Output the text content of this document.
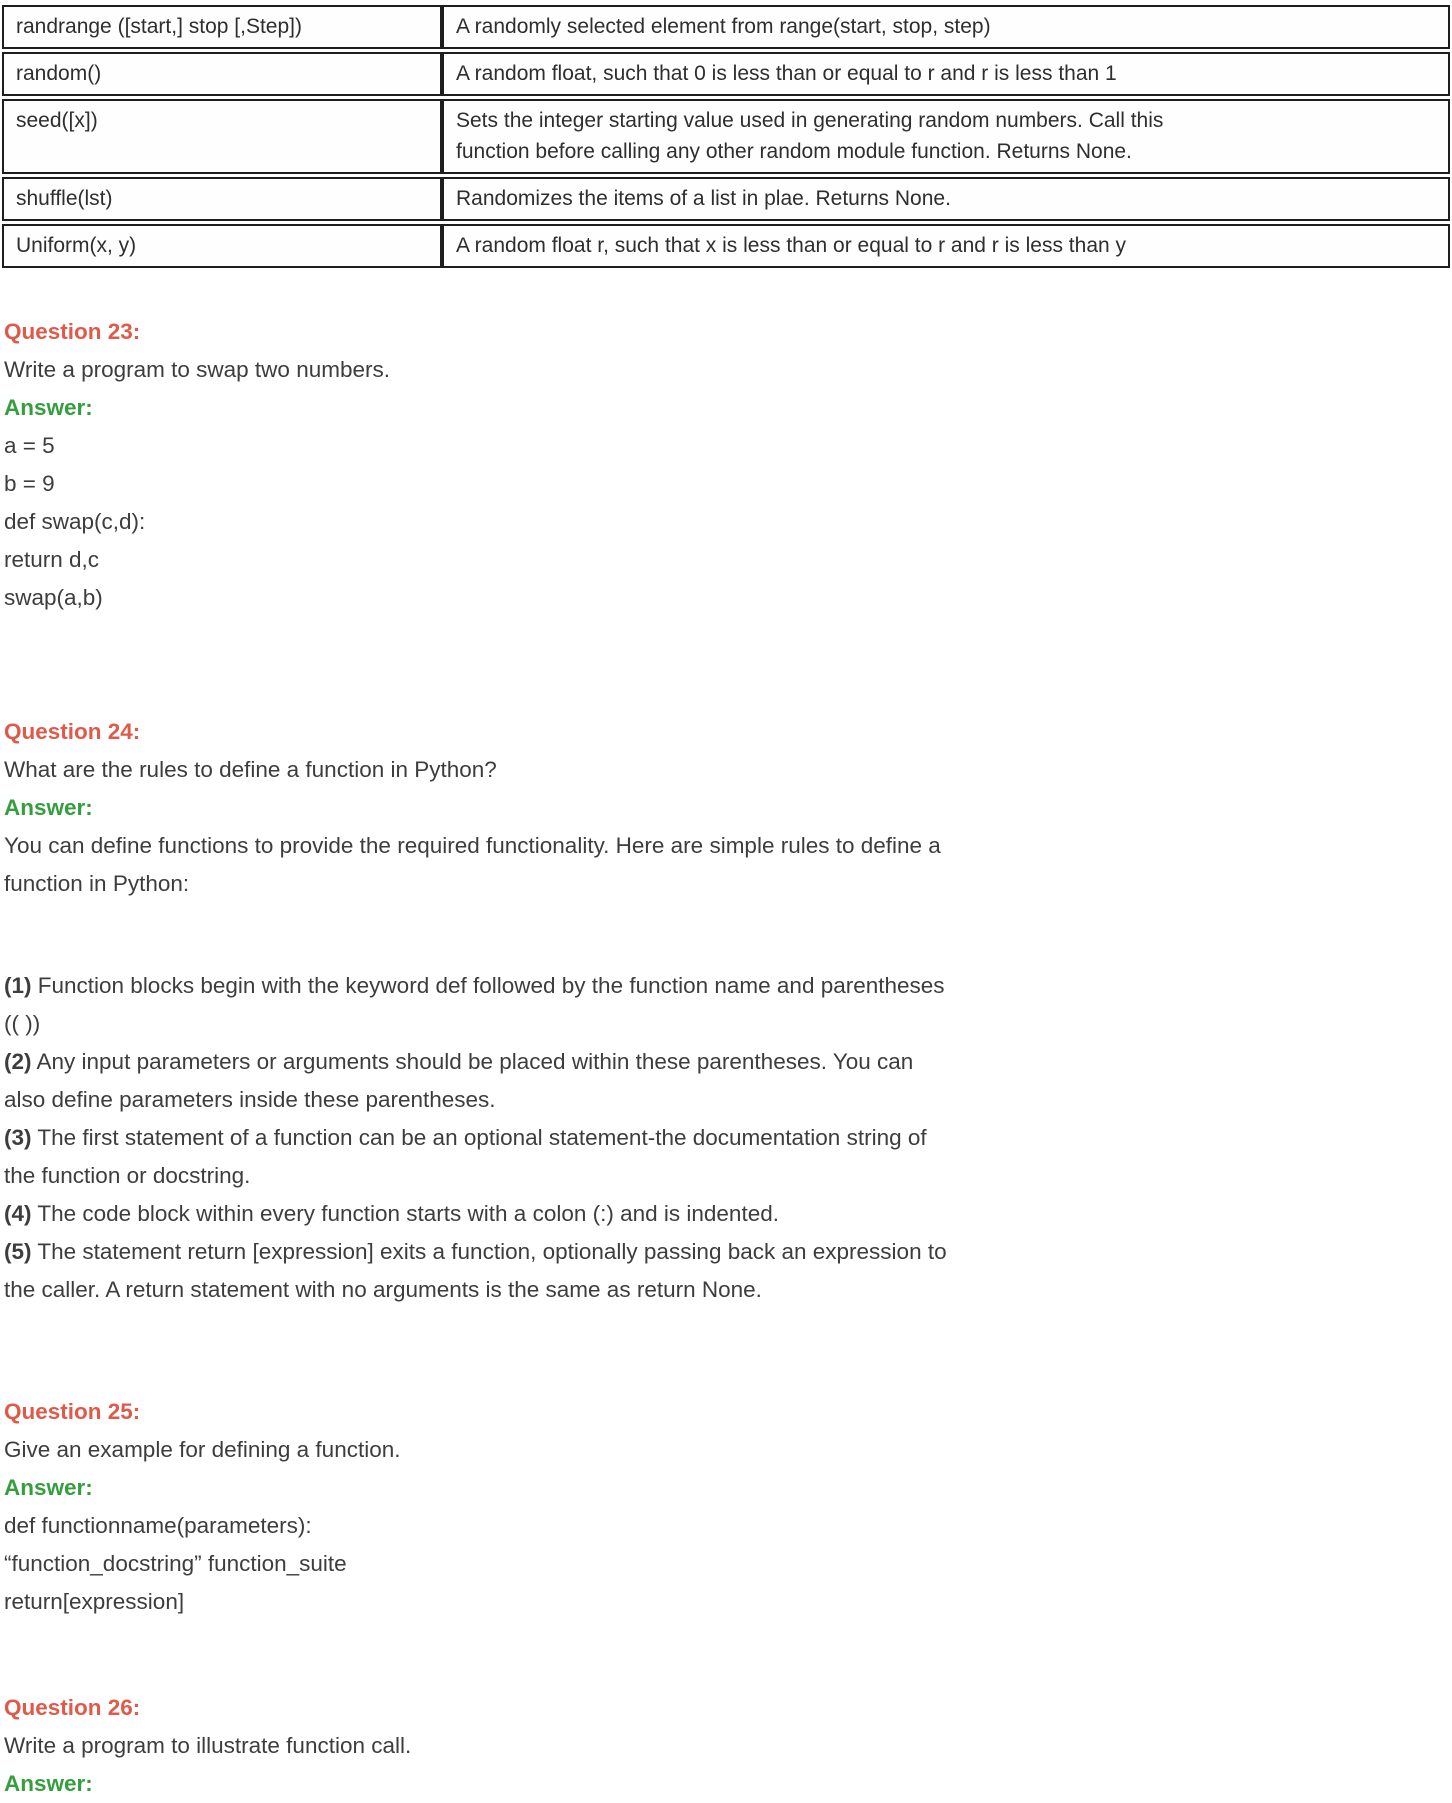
randrange ([start,] stop [,Step])	A randomly selected element from range(start, stop, step)
random()	A random float, such that 0 is less than or equal to r and r is less than 1
seed([x])	Sets the integer starting value used in generating random numbers. Call this
function before calling any other random module function. Returns None.
shuffle(lst)	Randomizes the items of a list in plae. Returns None.
Uniform(x, y)	A random float r, such that x is less than or equal to r and r is less than y
Question 23:
Write a program to swap two numbers.
Answer:
a = 5
b = 9
def swap(c,d):
return d,c
swap(a,b)
Question 24:
What are the rules to define a function in Python?
Answer:
You can define functions to provide the required functionality. Here are simple rules to define a
function in Python:
(1) Function blocks begin with the keyword def followed by the function name and parentheses
(( ))
(2) Any input parameters or arguments should be placed within these parentheses. You can
also define parameters inside these parentheses.
(3) The first statement of a function can be an optional statement-the documentation string of
the function or docstring.
(4) The code block within every function starts with a colon (:) and is indented.
(5) The statement return [expression] exits a function, optionally passing back an expression to
the caller. A return statement with no arguments is the same as return None.
Question 25:
Give an example for defining a function.
Answer:
def functionname(parameters):
“function_docstring” function_suite
return[expression]
Question 26:
Write a program to illustrate function call.
Answer:
